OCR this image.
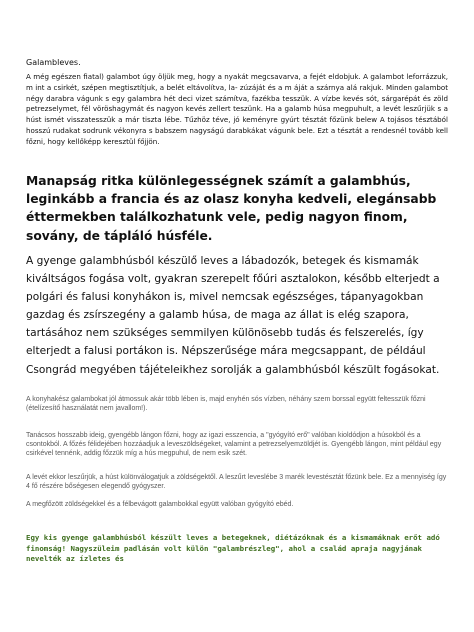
Galambleves.

A még egészen fiatal) galambot úgy öljük meg, hogy a nyakát megcsavarva, a fejét eldobjuk. A galambot leforrázzuk, m int a csirkét, szépen megtisztítjuk, a belét eltávolítva, la- zúzáját és a m áját a szárnya alá rakjuk. Minden galambot négy darabra vágunk s egy galambra hét deci vizet számítva, fazékba tesszük. A vízbe kevés sót, sárgarépát és zöld petrezselymet, fél vöröshagymát és nagyon kevés zellert teszünk. Ha a galamb húsa megpuhult, a levét leszűrjük s a húst ismét visszatesszük a már tiszta lébe. Tűzhöz téve, jó keményre gyúrt tésztát főzünk belew A tojásos tésztából hosszú rudakat sodrunk vékonyra s babszem nagyságú darabkákat vágunk bele. Ezt a tésztát a rendesnél tovább kell főzni, hogy kellőképp keresztül főjjön.

Manapság ritka különlegességnek számít a galambhús, leginkább a francia és az olasz konyha kedveli, elegánsabb éttermekben találkozhatunk vele, pedig nagyon finom, sovány, de tápláló húsféle.

A gyenge galambhúsból készülő leves a lábadozók, betegek és kismamák kiváltságos fogása volt, gyakran szerepelt főúri asztalokon, később elterjedt a polgári és falusi konyhákon is, mivel nemcsak egészséges, tápanyagokban gazdag és zsírszegény a galamb húsa, de maga az állat is elég szapora, tartásához nem szükséges semmilyen különösebb tudás és felszerelés, így elterjedt a falusi portákon is. Népszerűsége mára megcsappant, de például Csongrád megyében tájételeikhez sorolják a galambhúsból készült fogásokat.

A konyhakész galambokat jól átmossuk akár több lében is, majd enyhén sós vízben, néhány szem borssal együtt feltesszük főzni (ételízesítő használatát nem javallom!).

Tanácsos hosszabb ideig, gyengébb lángon főzni, hogy az igazi esszencia, a "gyógyító erő" valóban kioldódjon a húsokból és a csontokból. A főzés félidejében hozzáadjuk a leveszöldségeket, valamint a petrezselyemzöldjét is. Gyengébb lángon, mint például egy csirkével tennénk, addig főzzük míg a hús megpuhul, de nem esik szét.

A levét ekkor leszűrjük, a húst különválogatjuk a zöldségektől. A leszűrt leveslébe 3 marék levestésztát főzünk bele. Ez a mennyiség így 4 fő részére bőségesen elegendő gyógyszer.

A megfőzött zöldségekkel és a félbevágott galambokkal együtt valóban gyógyító ebéd.

Egy kis gyenge galambhúsból készült leves a betegeknek, diétázóknak és a kismamáknak erőt adó finomság! Nagyszüleim padlásán volt külön "galambrészleg", ahol a család apraja nagyjának nevelték az ízletes és
